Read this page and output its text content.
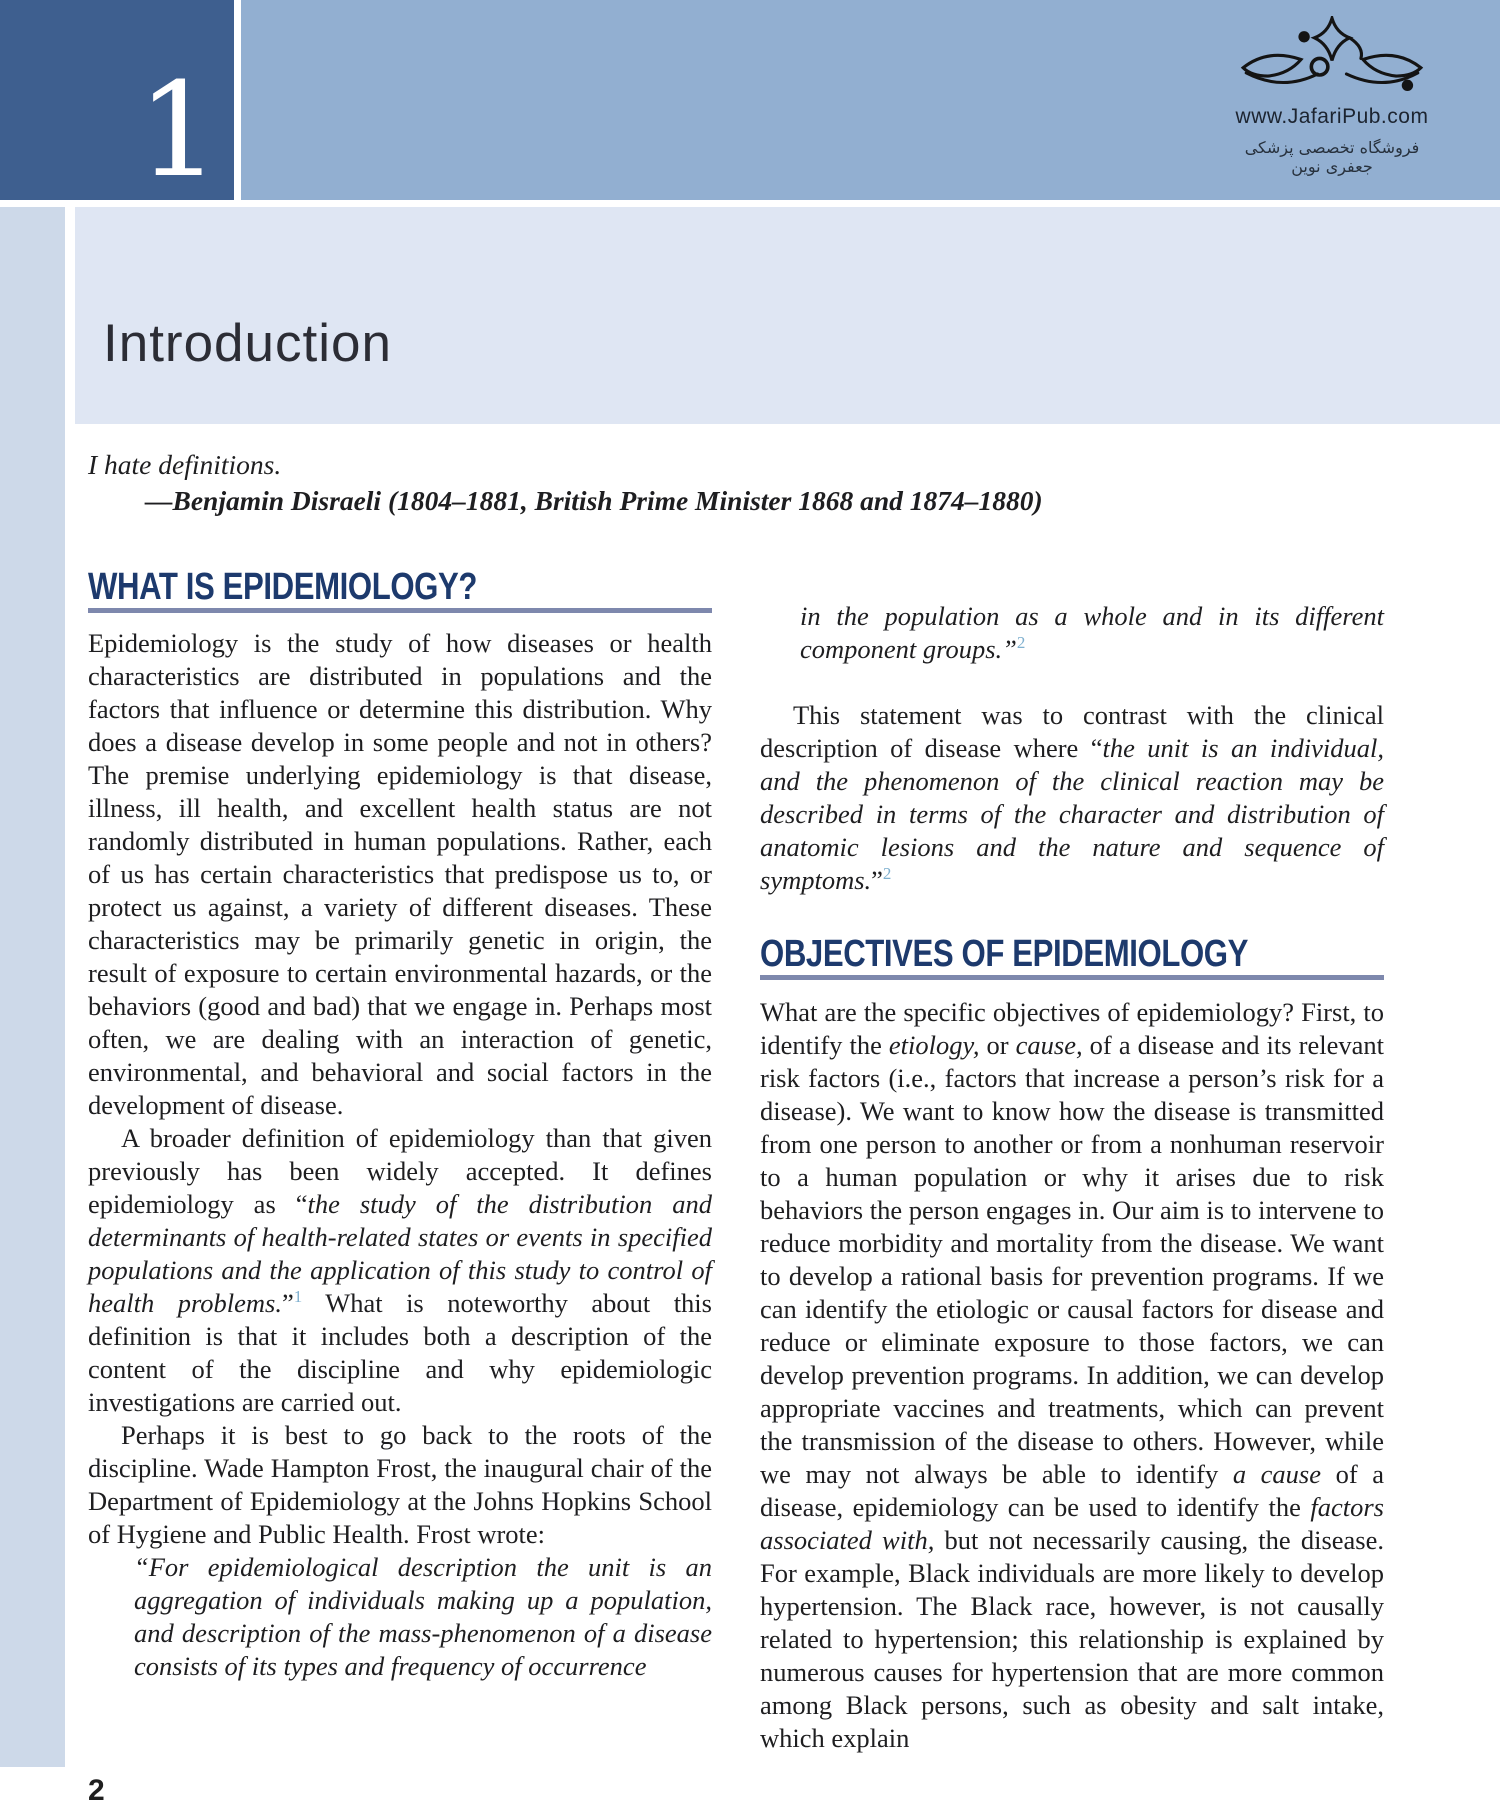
1	www.JafariPub.com
فروشگاه تخصصی پزشکی جعفری نوین
Introduction
I hate definitions.
—Benjamin Disraeli (1804–1881, British Prime Minister 1868 and 1874–1880)
WHAT IS EPIDEMIOLOGY?

Epidemiology is the study of how diseases or health characteristics are distributed in populations and the factors that influence or determine this distribution. Why does a disease develop in some people and not in others? The premise underlying epidemiology is that disease, illness, ill health, and excellent health status are not randomly distributed in human populations. Rather, each of us has certain characteristics that predispose us to, or protect us against, a variety of different diseases. These characteristics may be primarily genetic in origin, the result of exposure to certain environmental hazards, or the behaviors (good and bad) that we engage in. Perhaps most often, we are dealing with an interaction of genetic, environmental, and behavioral and social factors in the development of disease.

A broader definition of epidemiology than that given previously has been widely accepted. It defines epidemiology as “the study of the distribution and determinants of health-related states or events in specified populations and the application of this study to control of health problems.”$^1$ What is noteworthy about this definition is that it includes both a description of the content of the discipline and why epidemiologic investigations are carried out.

Perhaps it is best to go back to the roots of the discipline. Wade Hampton Frost, the inaugural chair of the Department of Epidemiology at the Johns Hopkins School of Hygiene and Public Health. Frost wrote:

“For epidemiological description the unit is an aggregation of individuals making up a population, and description of the mass-phenomenon of a disease consists of its types and frequency of occurrence
in the population as a whole and in its different component groups.”$^2$

This statement was to contrast with the clinical description of disease where “the unit is an individual, and the phenomenon of the clinical reaction may be described in terms of the character and distribution of anatomic lesions and the nature and sequence of symptoms.”$^2$

OBJECTIVES OF EPIDEMIOLOGY

What are the specific objectives of epidemiology? First, to identify the etiology, or cause, of a disease and its relevant risk factors (i.e., factors that increase a person’s risk for a disease). We want to know how the disease is transmitted from one person to another or from a nonhuman reservoir to a human population or why it arises due to risk behaviors the person engages in. Our aim is to intervene to reduce morbidity and mortality from the disease. We want to develop a rational basis for prevention programs. If we can identify the etiologic or causal factors for disease and reduce or eliminate exposure to those factors, we can develop prevention programs. In addition, we can develop appropriate vaccines and treatments, which can prevent the transmission of the disease to others. However, while we may not always be able to identify a cause of a disease, epidemiology can be used to identify the factors associated with, but not necessarily causing, the disease. For example, Black individuals are more likely to develop hypertension. The Black race, however, is not causally related to hypertension; this relationship is explained by numerous causes for hypertension that are more common among Black persons, such as obesity and salt intake, which explain

2
